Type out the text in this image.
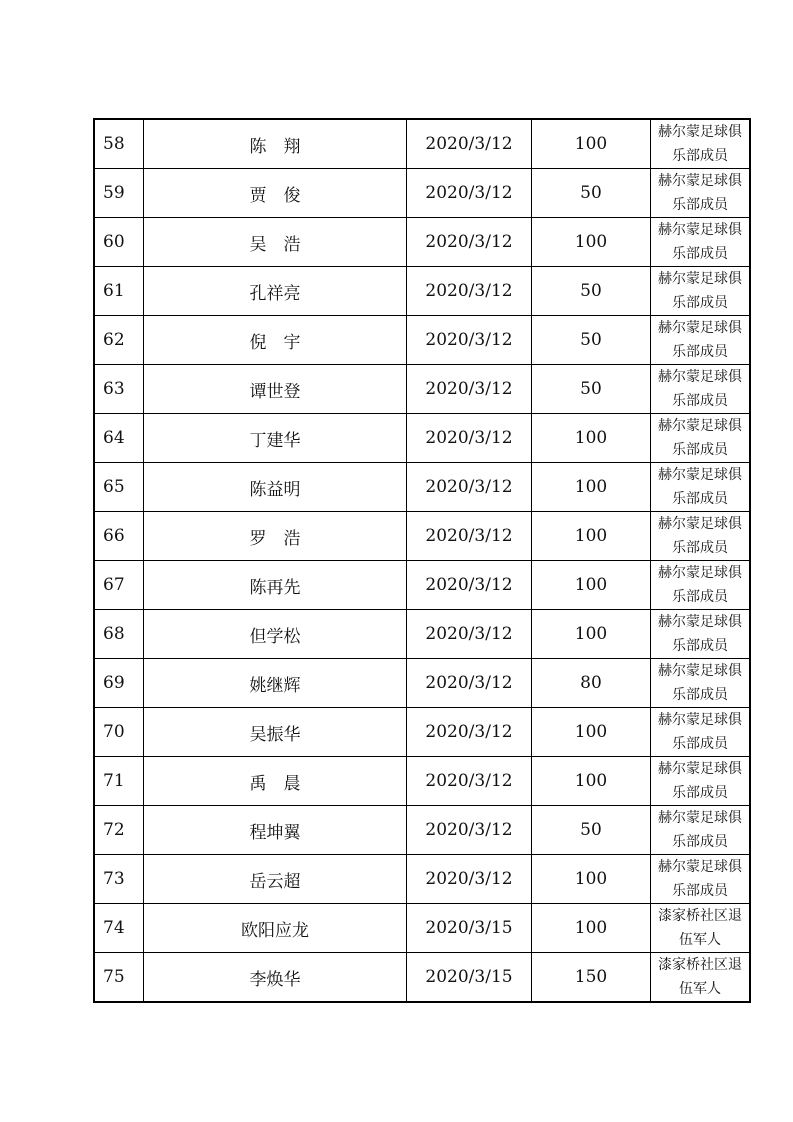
58	陈　翔	2020/3/12	100	赫尔蒙足球俱乐部成员
59	贾　俊	2020/3/12	50	赫尔蒙足球俱乐部成员
60	吴　浩	2020/3/12	100	赫尔蒙足球俱乐部成员
61	孔祥亮	2020/3/12	50	赫尔蒙足球俱乐部成员
62	倪　宇	2020/3/12	50	赫尔蒙足球俱乐部成员
63	谭世登	2020/3/12	50	赫尔蒙足球俱乐部成员
64	丁建华	2020/3/12	100	赫尔蒙足球俱乐部成员
65	陈益明	2020/3/12	100	赫尔蒙足球俱乐部成员
66	罗　浩	2020/3/12	100	赫尔蒙足球俱乐部成员
67	陈再先	2020/3/12	100	赫尔蒙足球俱乐部成员
68	但学松	2020/3/12	100	赫尔蒙足球俱乐部成员
69	姚继辉	2020/3/12	80	赫尔蒙足球俱乐部成员
70	吴振华	2020/3/12	100	赫尔蒙足球俱乐部成员
71	禹　晨	2020/3/12	100	赫尔蒙足球俱乐部成员
72	程坤翼	2020/3/12	50	赫尔蒙足球俱乐部成员
73	岳云超	2020/3/12	100	赫尔蒙足球俱乐部成员
74	欧阳应龙	2020/3/15	100	漆家桥社区退伍军人
75	李焕华	2020/3/15	150	漆家桥社区退伍军人
